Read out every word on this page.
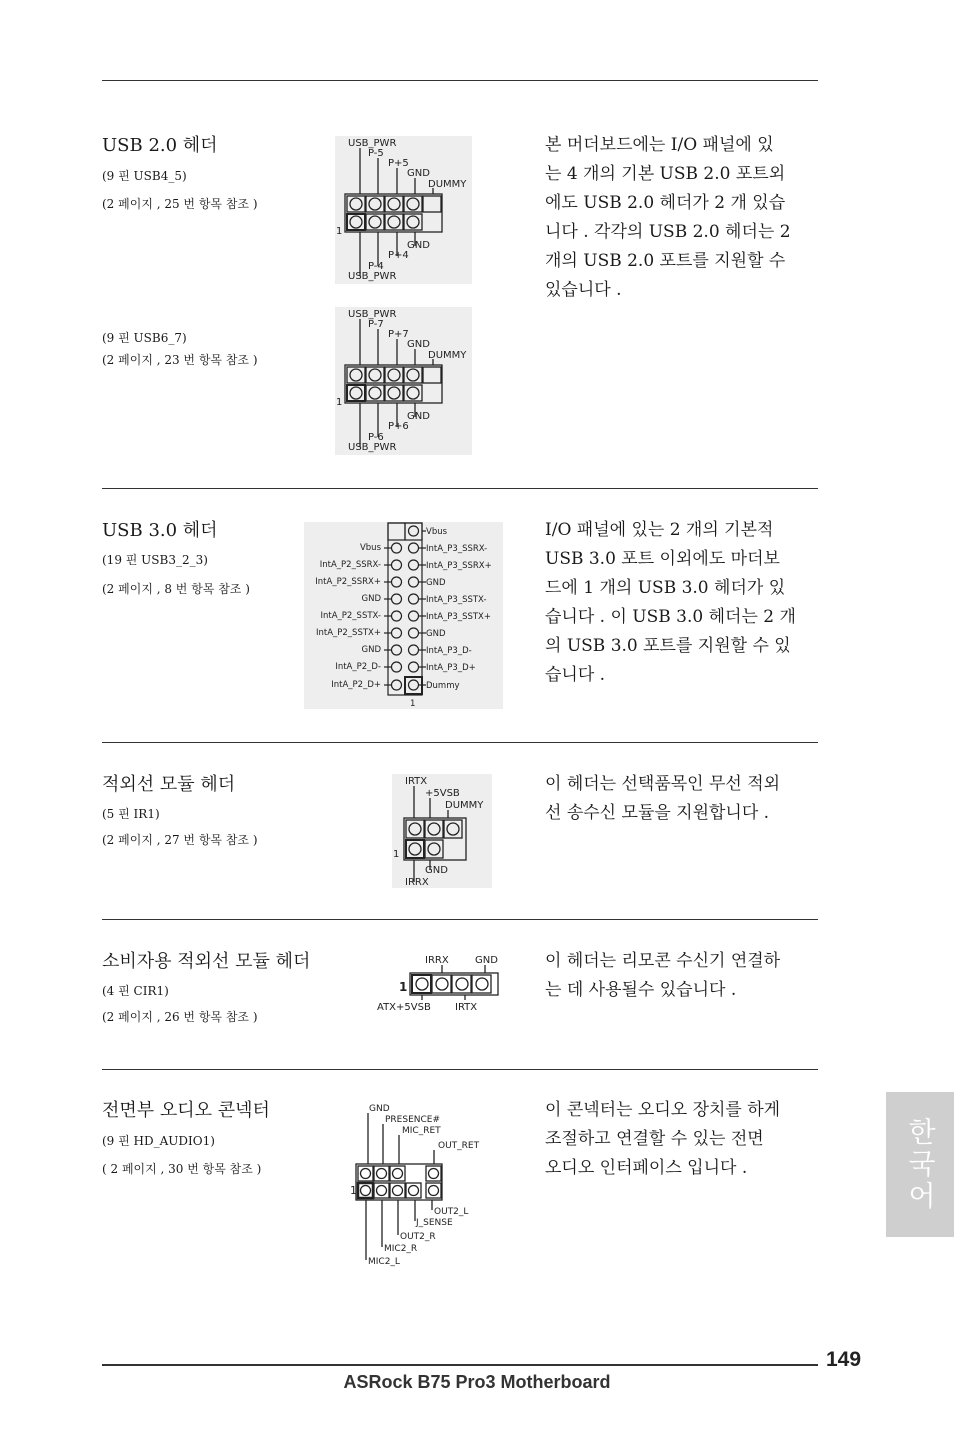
USB 2.0 헤더
(9 핀 USB4_5)
(2 페이지 , 25 번 항목 참조 )
(9 핀 USB6_7)
(2 페이지 , 23 번 항목 참조 )
USB_PWR
P-5
P+5
GND
DUMMY
1
GND
P+4
P-4
USB_PWR
USB_PWR
P-7
P+7
GND
DUMMY
1
GND
P+6
P-6
USB_PWR
본 머더보드에는 I/O 패널에 있
는 4 개의 기본 USB 2.0 포트외
에도 USB 2.0 헤더가 2 개 있습
니다 . 각각의 USB 2.0 헤더는 2
개의 USB 2.0 포트를 지원할 수
있습니다 .
USB 3.0 헤더
(19 핀 USB3_2_3)
(2 페이지 , 8 번 항목 참조 )
Vbus
IntA_P2_SSRX-
IntA_P2_SSRX+
GND
IntA_P2_SSTX-
IntA_P2_SSTX+
GND
IntA_P2_D-
IntA_P2_D+
Vbus
IntA_P3_SSRX-
IntA_P3_SSRX+
GND
IntA_P3_SSTX-
IntA_P3_SSTX+
GND
IntA_P3_D-
IntA_P3_D+
Dummy
1
I/O 패널에 있는 2 개의 기본적
USB 3.0 포트 이외에도 마더보
드에 1 개의 USB 3.0 헤더가 있
습니다 . 이 USB 3.0 헤더는 2 개
의 USB 3.0 포트를 지원할 수 있
습니다 .
적외선 모듈 헤더
(5 핀 IR1)
(2 페이지 , 27 번 항목 참조 )
IRTX
+5VSB
DUMMY
1
GND
IRRX
이 헤더는 선택품목인 무선 적외
선 송수신 모듈을 지원합니다 .
소비자용 적외선 모듈 헤더
(4 핀 CIR1)
(2 페이지 , 26 번 항목 참조 )
IRRX	GND
1
ATX+5VSB IRTX
이 헤더는 리모콘 수신기 연결하
는 데 사용될수 있습니다 .
전면부 오디오 콘넥터
(9 핀 HD_AUDIO1)
( 2 페이지 , 30 번 항목 참조 )
GND
PRESENCE#
MIC_RET
OUT_RET
1
OUT2_L
J_SENSE
OUT2_R
MIC2_R
MIC2_L
이 콘넥터는 오디오 장치를 하게
조절하고 연결할 수 있는 전면
오디오 인터페이스 입니다 .	한국어
149
ASRock B75 Pro3 Motherboard
